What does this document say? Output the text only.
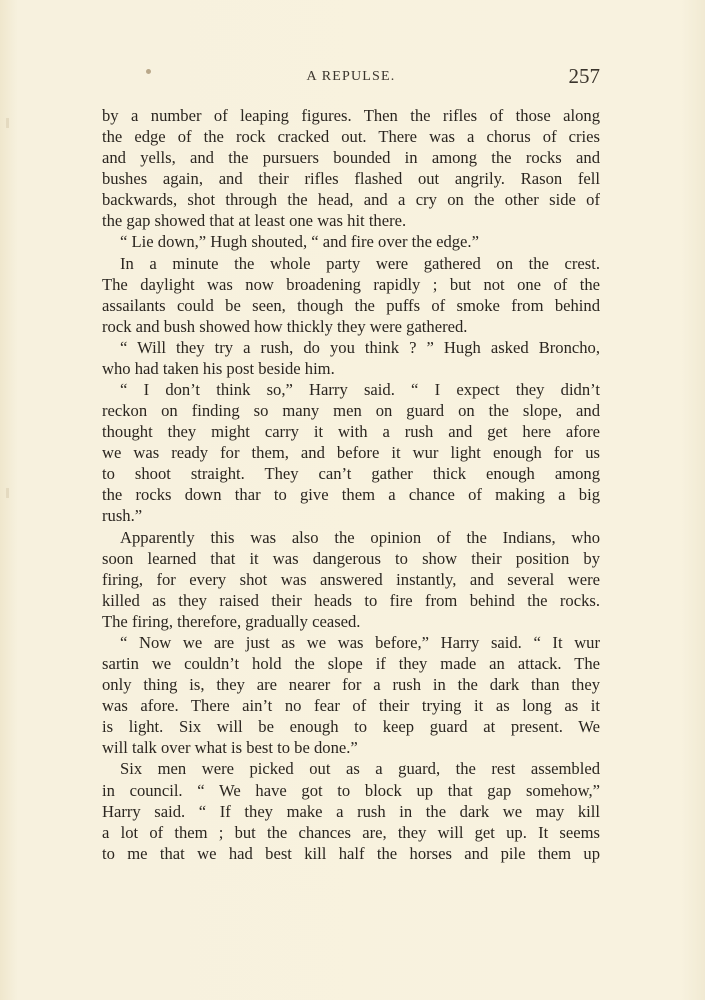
A REPULSE.	257
by a number of leaping figures. Then the rifles of those along
the edge of the rock cracked out. There was a chorus of cries
and yells, and the pursuers bounded in among the rocks and
bushes again, and their rifles flashed out angrily. Rason fell
backwards, shot through the head, and a cry on the other side of
the gap showed that at least one was hit there.
“ Lie down,” Hugh shouted, “ and fire over the edge.”
In a minute the whole party were gathered on the crest.
The daylight was now broadening rapidly ; but not one of the
assailants could be seen, though the puffs of smoke from behind
rock and bush showed how thickly they were gathered.
“ Will they try a rush, do you think ? ” Hugh asked Broncho,
who had taken his post beside him.
“ I don’t think so,” Harry said. “ I expect they didn’t
reckon on finding so many men on guard on the slope, and
thought they might carry it with a rush and get here afore
we was ready for them, and before it wur light enough for us
to shoot straight. They can’t gather thick enough among
the rocks down thar to give them a chance of making a big
rush.”
Apparently this was also the opinion of the Indians, who
soon learned that it was dangerous to show their position by
firing, for every shot was answered instantly, and several were
killed as they raised their heads to fire from behind the rocks.
The firing, therefore, gradually ceased.
“ Now we are just as we was before,” Harry said. “ It wur
sartin we couldn’t hold the slope if they made an attack. The
only thing is, they are nearer for a rush in the dark than they
was afore. There ain’t no fear of their trying it as long as it
is light. Six will be enough to keep guard at present. We
will talk over what is best to be done.”
Six men were picked out as a guard, the rest assembled
in council. “ We have got to block up that gap somehow,”
Harry said. “ If they make a rush in the dark we may kill
a lot of them ; but the chances are, they will get up. It seems
to me that we had best kill half the horses and pile them up
